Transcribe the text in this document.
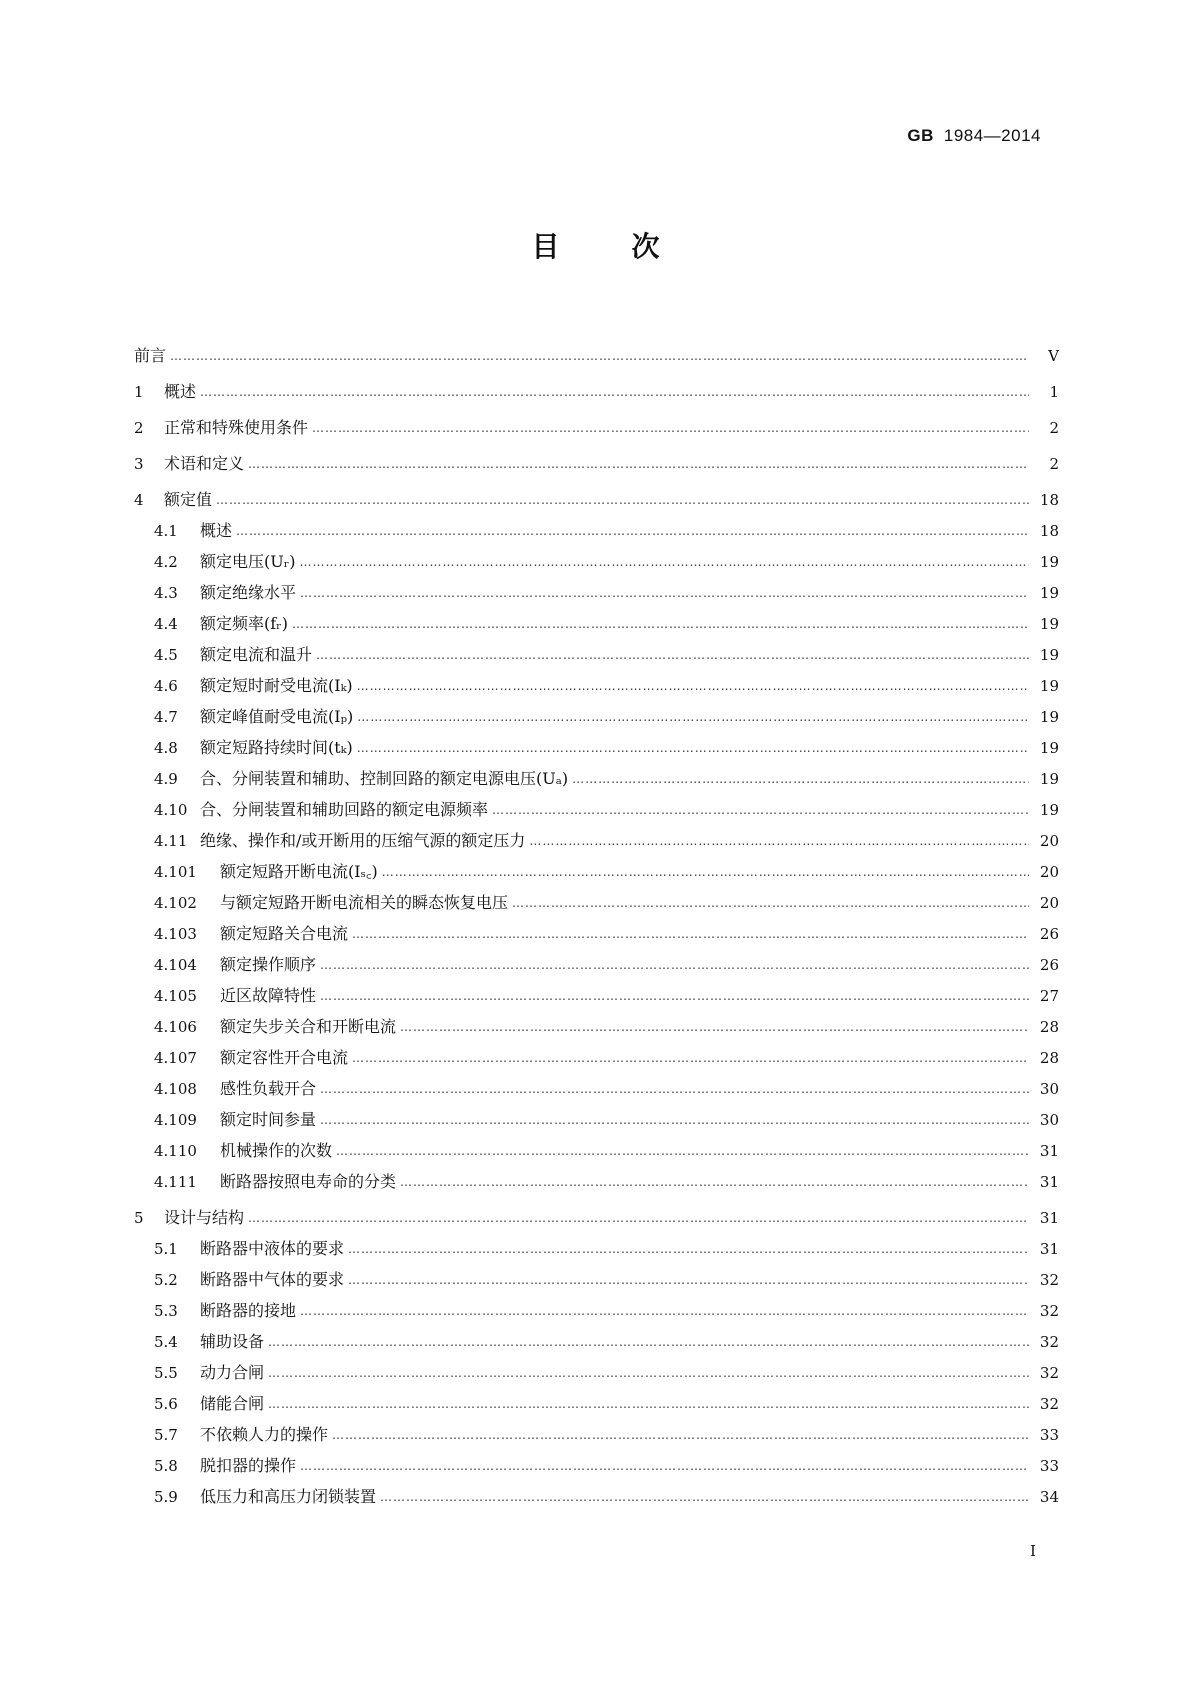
GB 1984—2014
目	次
前言 …………………………………………………………………………………………………………………………………………………………………………………………………………	Ⅴ
1	概述 …………………………………………………………………………………………………………………………………………………………………………………………………………	1
2	正常和特殊使用条件 …………………………………………………………………………………………………………………………………………………………………………………………………………	2
3	术语和定义 …………………………………………………………………………………………………………………………………………………………………………………………………………	2
4	额定值 …………………………………………………………………………………………………………………………………………………………………………………………………………	18
4.1	概述 …………………………………………………………………………………………………………………………………………………………………………………………………………	18
4.2	额定电压(Uᵣ) …………………………………………………………………………………………………………………………………………………………………………………………………………	19
4.3	额定绝缘水平 …………………………………………………………………………………………………………………………………………………………………………………………………………	19
4.4	额定频率(fᵣ) …………………………………………………………………………………………………………………………………………………………………………………………………………	19
4.5	额定电流和温升 …………………………………………………………………………………………………………………………………………………………………………………………………………	19
4.6	额定短时耐受电流(Iₖ) …………………………………………………………………………………………………………………………………………………………………………………………………………	19
4.7	额定峰值耐受电流(Iₚ) …………………………………………………………………………………………………………………………………………………………………………………………………………	19
4.8	额定短路持续时间(tₖ) …………………………………………………………………………………………………………………………………………………………………………………………………………	19
4.9	合、分闸装置和辅助、控制回路的额定电源电压(Uₐ) …………………………………………………………………………………………………………………………………………………………………………………………………………	19
4.10 合、分闸装置和辅助回路的额定电源频率 …………………………………………………………………………………………………………………………………………………………………………………………………………	19
4.11 绝缘、操作和/或开断用的压缩气源的额定压力 …………………………………………………………………………………………………………………………………………………………………………………………………………	20
4.101	额定短路开断电流(Iₛ꜀) …………………………………………………………………………………………………………………………………………………………………………………………………………	20
4.102	与额定短路开断电流相关的瞬态恢复电压 …………………………………………………………………………………………………………………………………………………………………………………………………………	20
4.103	额定短路关合电流 …………………………………………………………………………………………………………………………………………………………………………………………………………	26
4.104	额定操作顺序 …………………………………………………………………………………………………………………………………………………………………………………………………………	26
4.105	近区故障特性 …………………………………………………………………………………………………………………………………………………………………………………………………………	27
4.106	额定失步关合和开断电流 …………………………………………………………………………………………………………………………………………………………………………………………………………	28
4.107	额定容性开合电流 …………………………………………………………………………………………………………………………………………………………………………………………………………	28
4.108	感性负载开合 …………………………………………………………………………………………………………………………………………………………………………………………………………	30
4.109	额定时间参量 …………………………………………………………………………………………………………………………………………………………………………………………………………	30
4.110	机械操作的次数 …………………………………………………………………………………………………………………………………………………………………………………………………………	31
4.111	断路器按照电寿命的分类 …………………………………………………………………………………………………………………………………………………………………………………………………………	31
5	设计与结构 …………………………………………………………………………………………………………………………………………………………………………………………………………	31
5.1	断路器中液体的要求 …………………………………………………………………………………………………………………………………………………………………………………………………………	31
5.2	断路器中气体的要求 …………………………………………………………………………………………………………………………………………………………………………………………………………	32
5.3	断路器的接地 …………………………………………………………………………………………………………………………………………………………………………………………………………	32
5.4	辅助设备 …………………………………………………………………………………………………………………………………………………………………………………………………………	32
5.5	动力合闸 …………………………………………………………………………………………………………………………………………………………………………………………………………	32
5.6	储能合闸 …………………………………………………………………………………………………………………………………………………………………………………………………………	32
5.7	不依赖人力的操作 …………………………………………………………………………………………………………………………………………………………………………………………………………	33
5.8	脱扣器的操作 …………………………………………………………………………………………………………………………………………………………………………………………………………	33
5.9	低压力和高压力闭锁装置 …………………………………………………………………………………………………………………………………………………………………………………………………………	34
I
